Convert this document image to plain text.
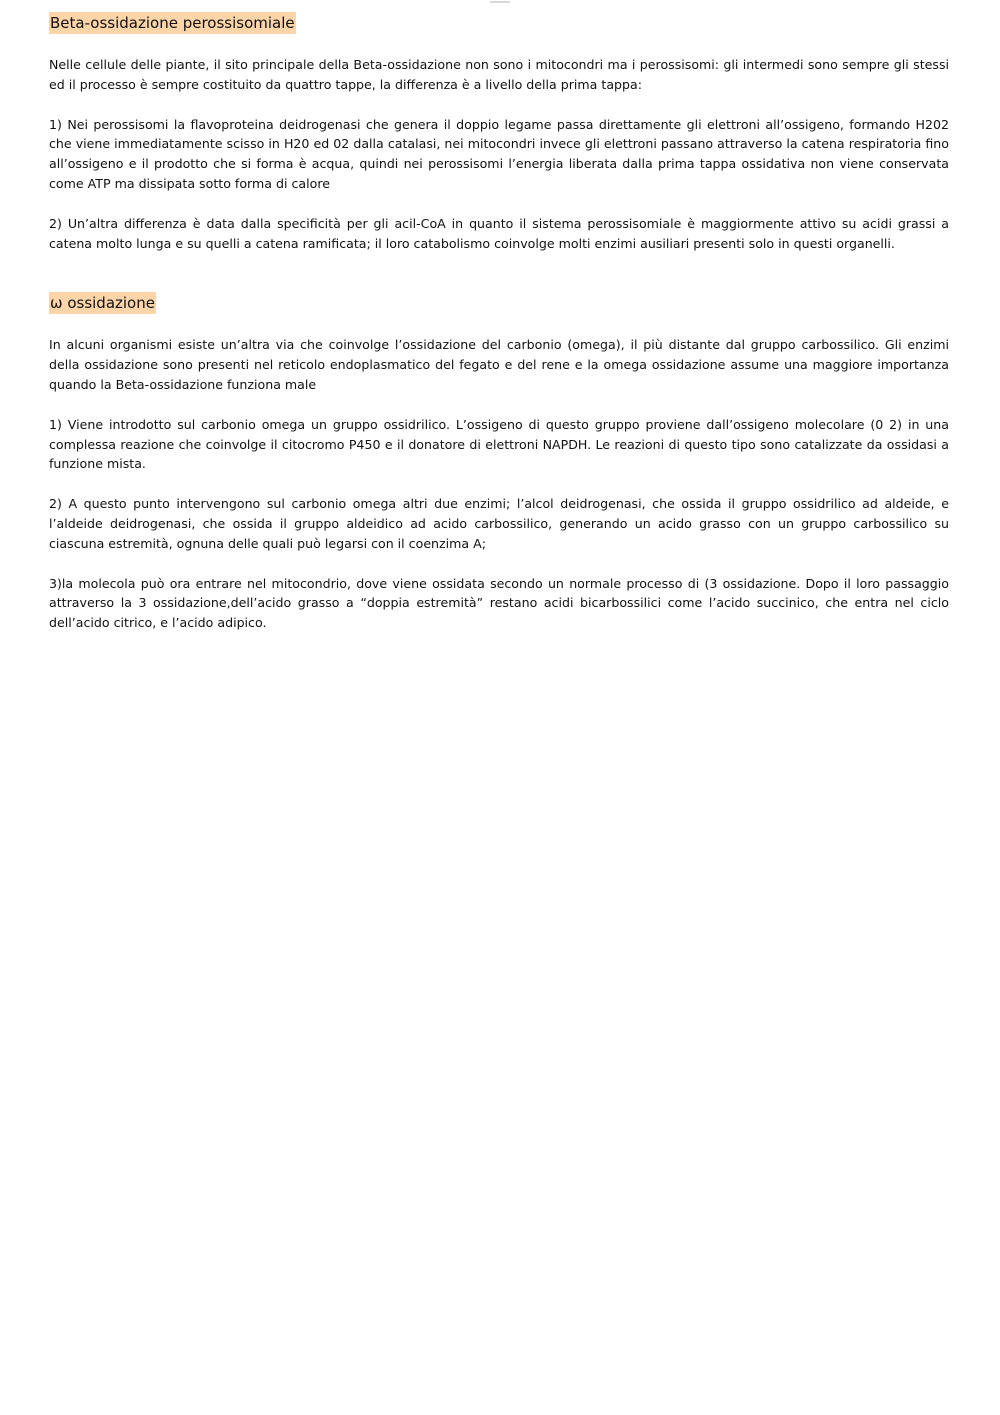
Beta-ossidazione perossisomiale

Nelle cellule delle piante, il sito principale della Beta-ossidazione non sono i mitocondri ma i perossisomi: gli intermedi sono sempre gli stessi ed il processo è sempre costituito da quattro tappe, la differenza è a livello della prima tappa:

1) Nei perossisomi la flavoproteina deidrogenasi che genera il doppio legame passa direttamente gli elettroni all’ossigeno, formando H202 che viene immediatamente scisso in H20 ed 02 dalla catalasi, nei mitocondri invece gli elettroni passano attraverso la catena respiratoria fino all’ossigeno e il prodotto che si forma è acqua, quindi nei perossisomi l’energia liberata dalla prima tappa ossidativa non viene conservata come ATP ma dissipata sotto forma di calore

2) Un’altra differenza è data dalla specificità per gli acil-CoA in quanto il sistema perossisomiale è maggiormente attivo su acidi grassi a catena molto lunga e su quelli a catena ramificata; il loro catabolismo coinvolge molti enzimi ausiliari presenti solo in questi organelli.

ω ossidazione

In alcuni organismi esiste un’altra via che coinvolge l’ossidazione del carbonio (omega), il più distante dal gruppo carbossilico. Gli enzimi della ossidazione sono presenti nel reticolo endoplasmatico del fegato e del rene e la omega ossidazione assume una maggiore importanza quando la Beta-ossidazione funziona male

1) Viene introdotto sul carbonio omega un gruppo ossidrilico. L’ossigeno di questo gruppo proviene dall’ossigeno molecolare (0 2) in una complessa reazione che coinvolge il citocromo P450 e il donatore di elettroni NAPDH. Le reazioni di questo tipo sono catalizzate da ossidasi a funzione mista.

2) A questo punto intervengono sul carbonio omega altri due enzimi; l’alcol deidrogenasi, che ossida il gruppo ossidrilico ad aldeide, e l’aldeide deidrogenasi, che ossida il gruppo aldeidico ad acido carbossilico, generando un acido grasso con un gruppo carbossilico su ciascuna estremità, ognuna delle quali può legarsi con il coenzima A;

3)la molecola può ora entrare nel mitocondrio, dove viene ossidata secondo un normale processo di (3 ossidazione. Dopo il loro passaggio attraverso la 3 ossidazione,dell’acido grasso a “doppia estremità” restano acidi bicarbossilici come l’acido succinico, che entra nel ciclo dell’acido citrico, e l’acido adipico.
